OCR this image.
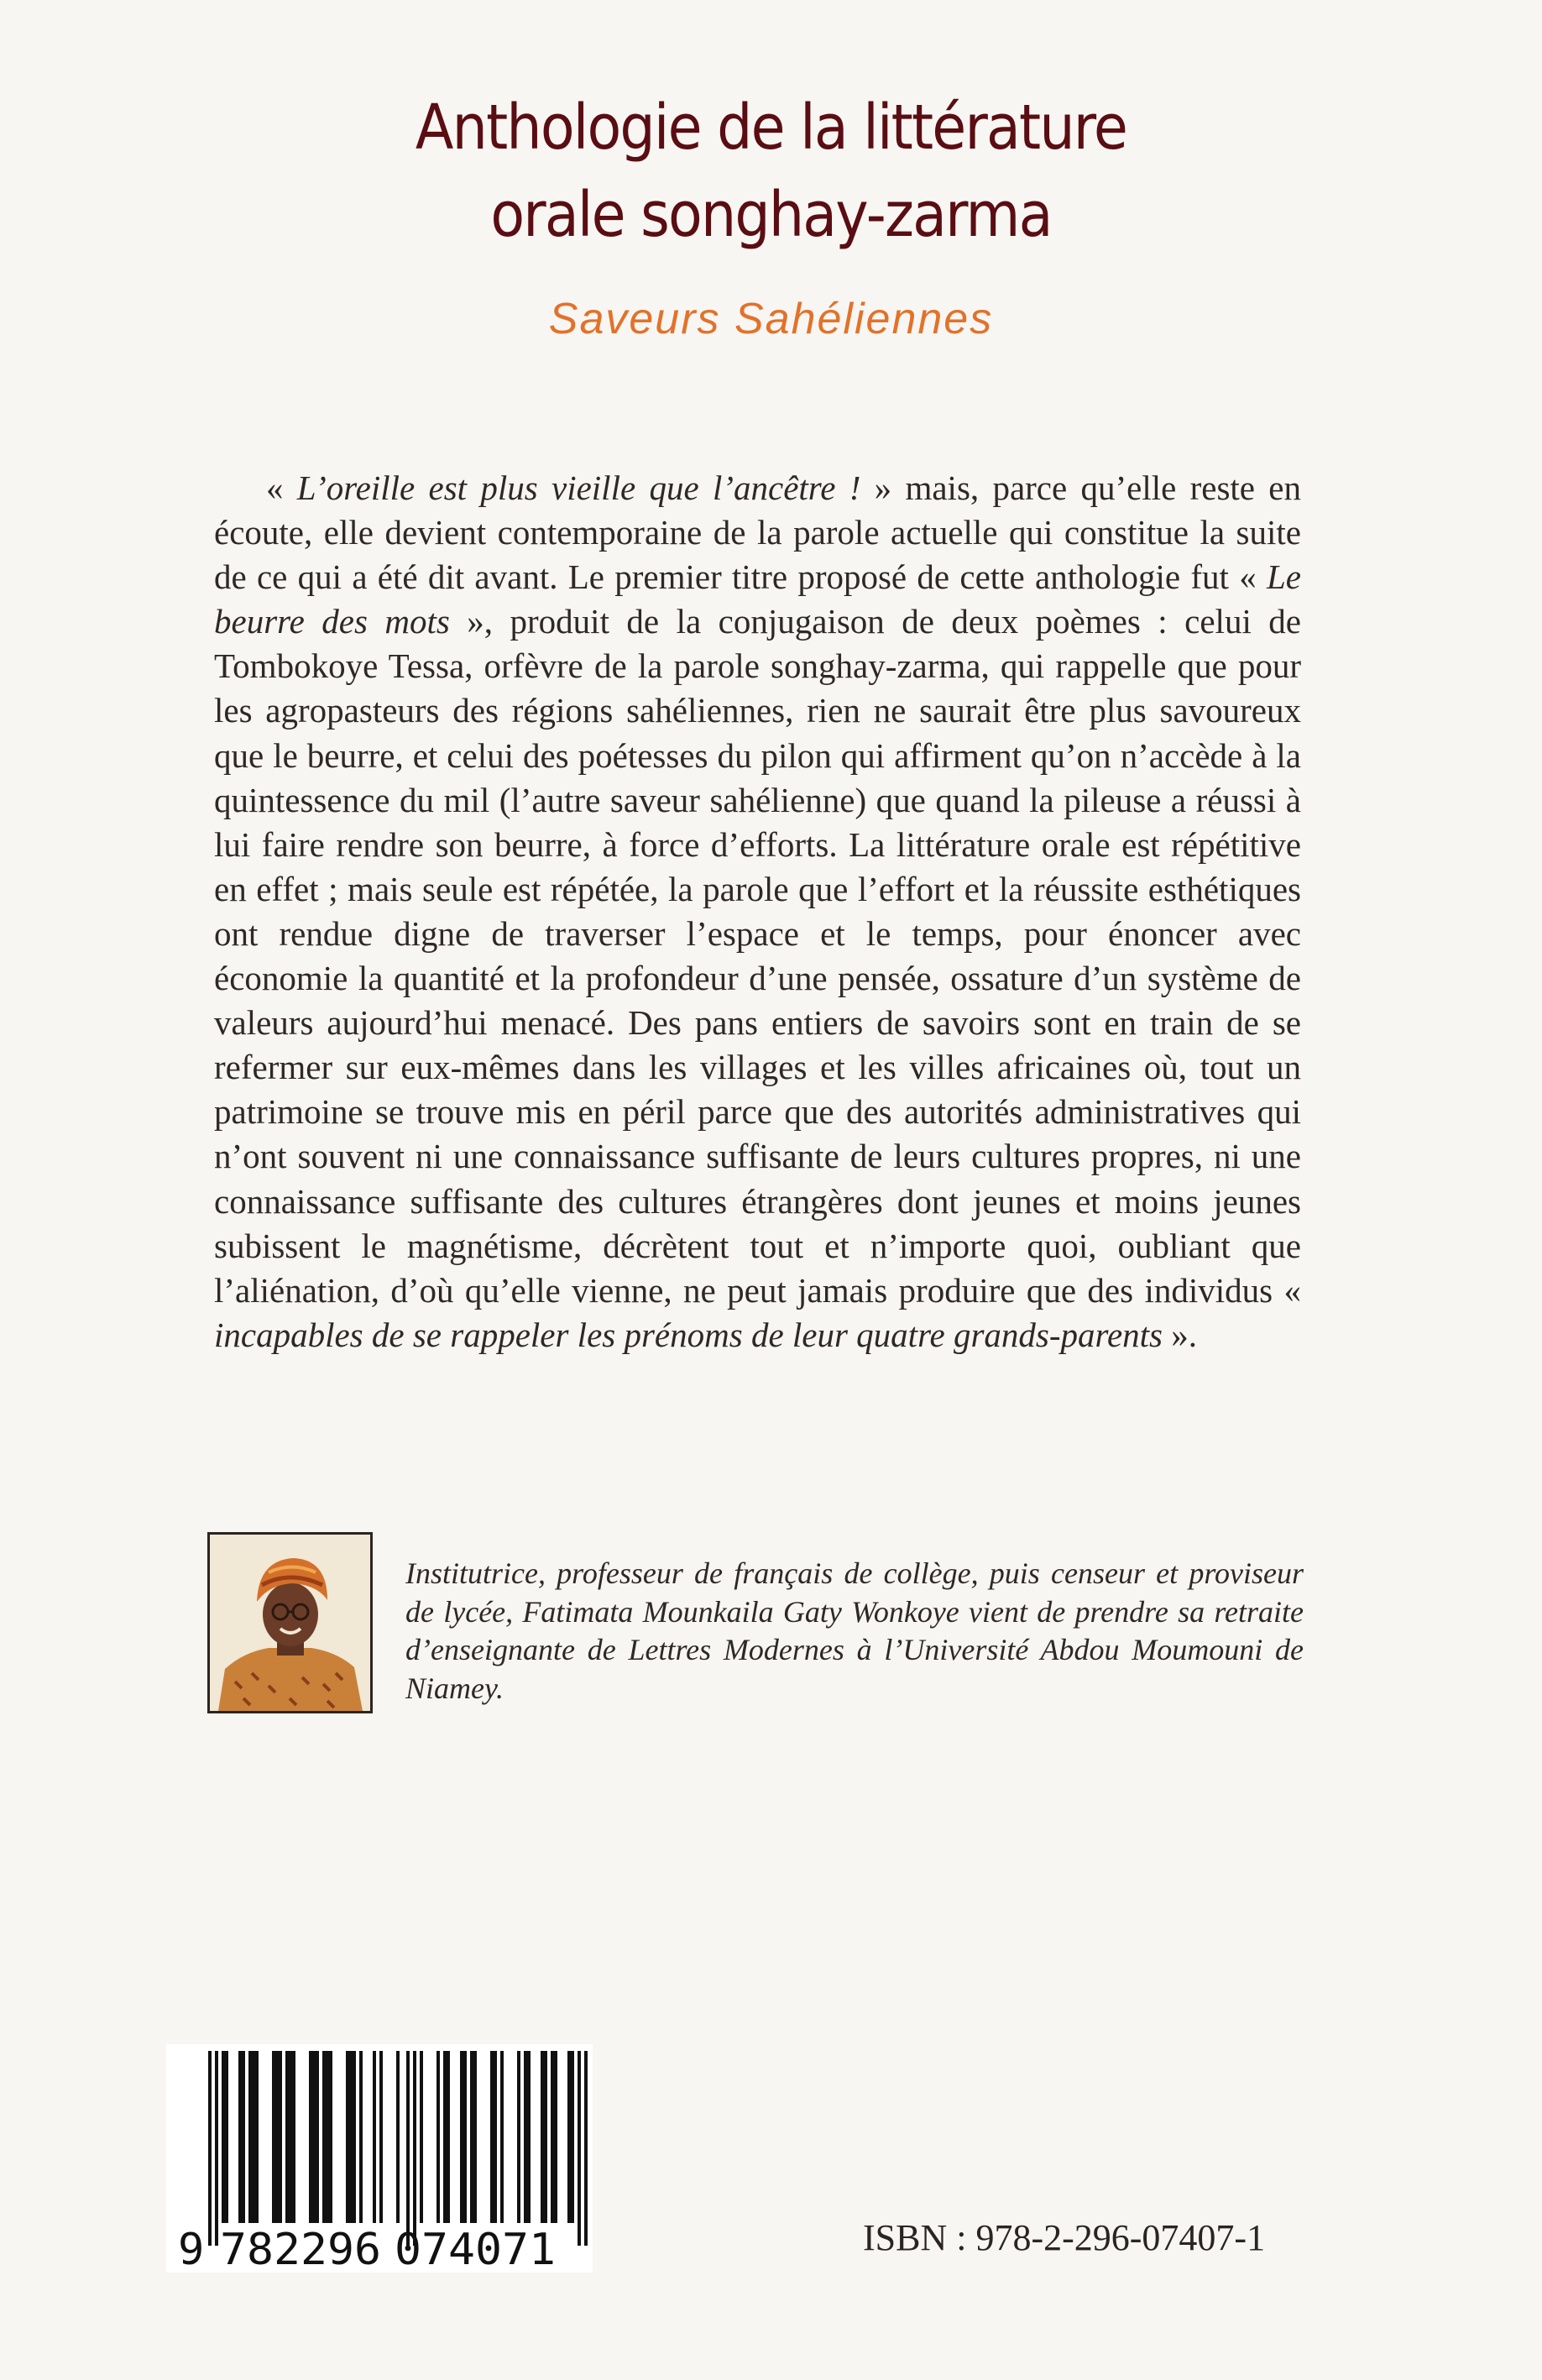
Anthologie de la littérature
orale songhay-zarma
Saveurs Sahéliennes

« L’oreille est plus vieille que l’ancêtre ! » mais, parce qu’elle reste en écoute, elle devient contemporaine de la parole actuelle qui constitue la suite de ce qui a été dit avant. Le premier titre proposé de cette anthologie fut « Le beurre des mots », produit de la conjugaison de deux poèmes : celui de Tombokoye Tessa, orfèvre de la parole songhay-zarma, qui rappelle que pour les agropasteurs des régions sahéliennes, rien ne saurait être plus savoureux que le beurre, et celui des poétesses du pilon qui affirment qu’on n’accède à la quintessence du mil (l’autre saveur sahélienne) que quand la pileuse a réussi à lui faire rendre son beurre, à force d’efforts. La littérature orale est répétitive en effet ; mais seule est répétée, la parole que l’effort et la réussite esthétiques ont rendue digne de traverser l’espace et le temps, pour énoncer avec économie la quantité et la profondeur d’une pensée, ossature d’un système de valeurs aujourd’hui menacé. Des pans entiers de savoirs sont en train de se refermer sur eux-mêmes dans les villages et les villes africaines où, tout un patrimoine se trouve mis en péril parce que des autorités administratives qui n’ont souvent ni une connaissance suffisante de leurs cultures propres, ni une connaissance suffisante des cultures étrangères dont jeunes et moins jeunes subissent le magnétisme, décrètent tout et n’importe quoi, oubliant que l’aliénation, d’où qu’elle vienne, ne peut jamais produire que des individus « incapables de se rappeler les prénoms de leur quatre grands-parents ».

Institutrice, professeur de français de collège, puis censeur et proviseur de lycée, Fatimata Mounkaila Gaty Wonkoye vient de prendre sa retraite d’enseignante de Lettres Modernes à l’Université Abdou Moumouni de Niamey.

9 782296 074071	ISBN : 978-2-296-07407-1
